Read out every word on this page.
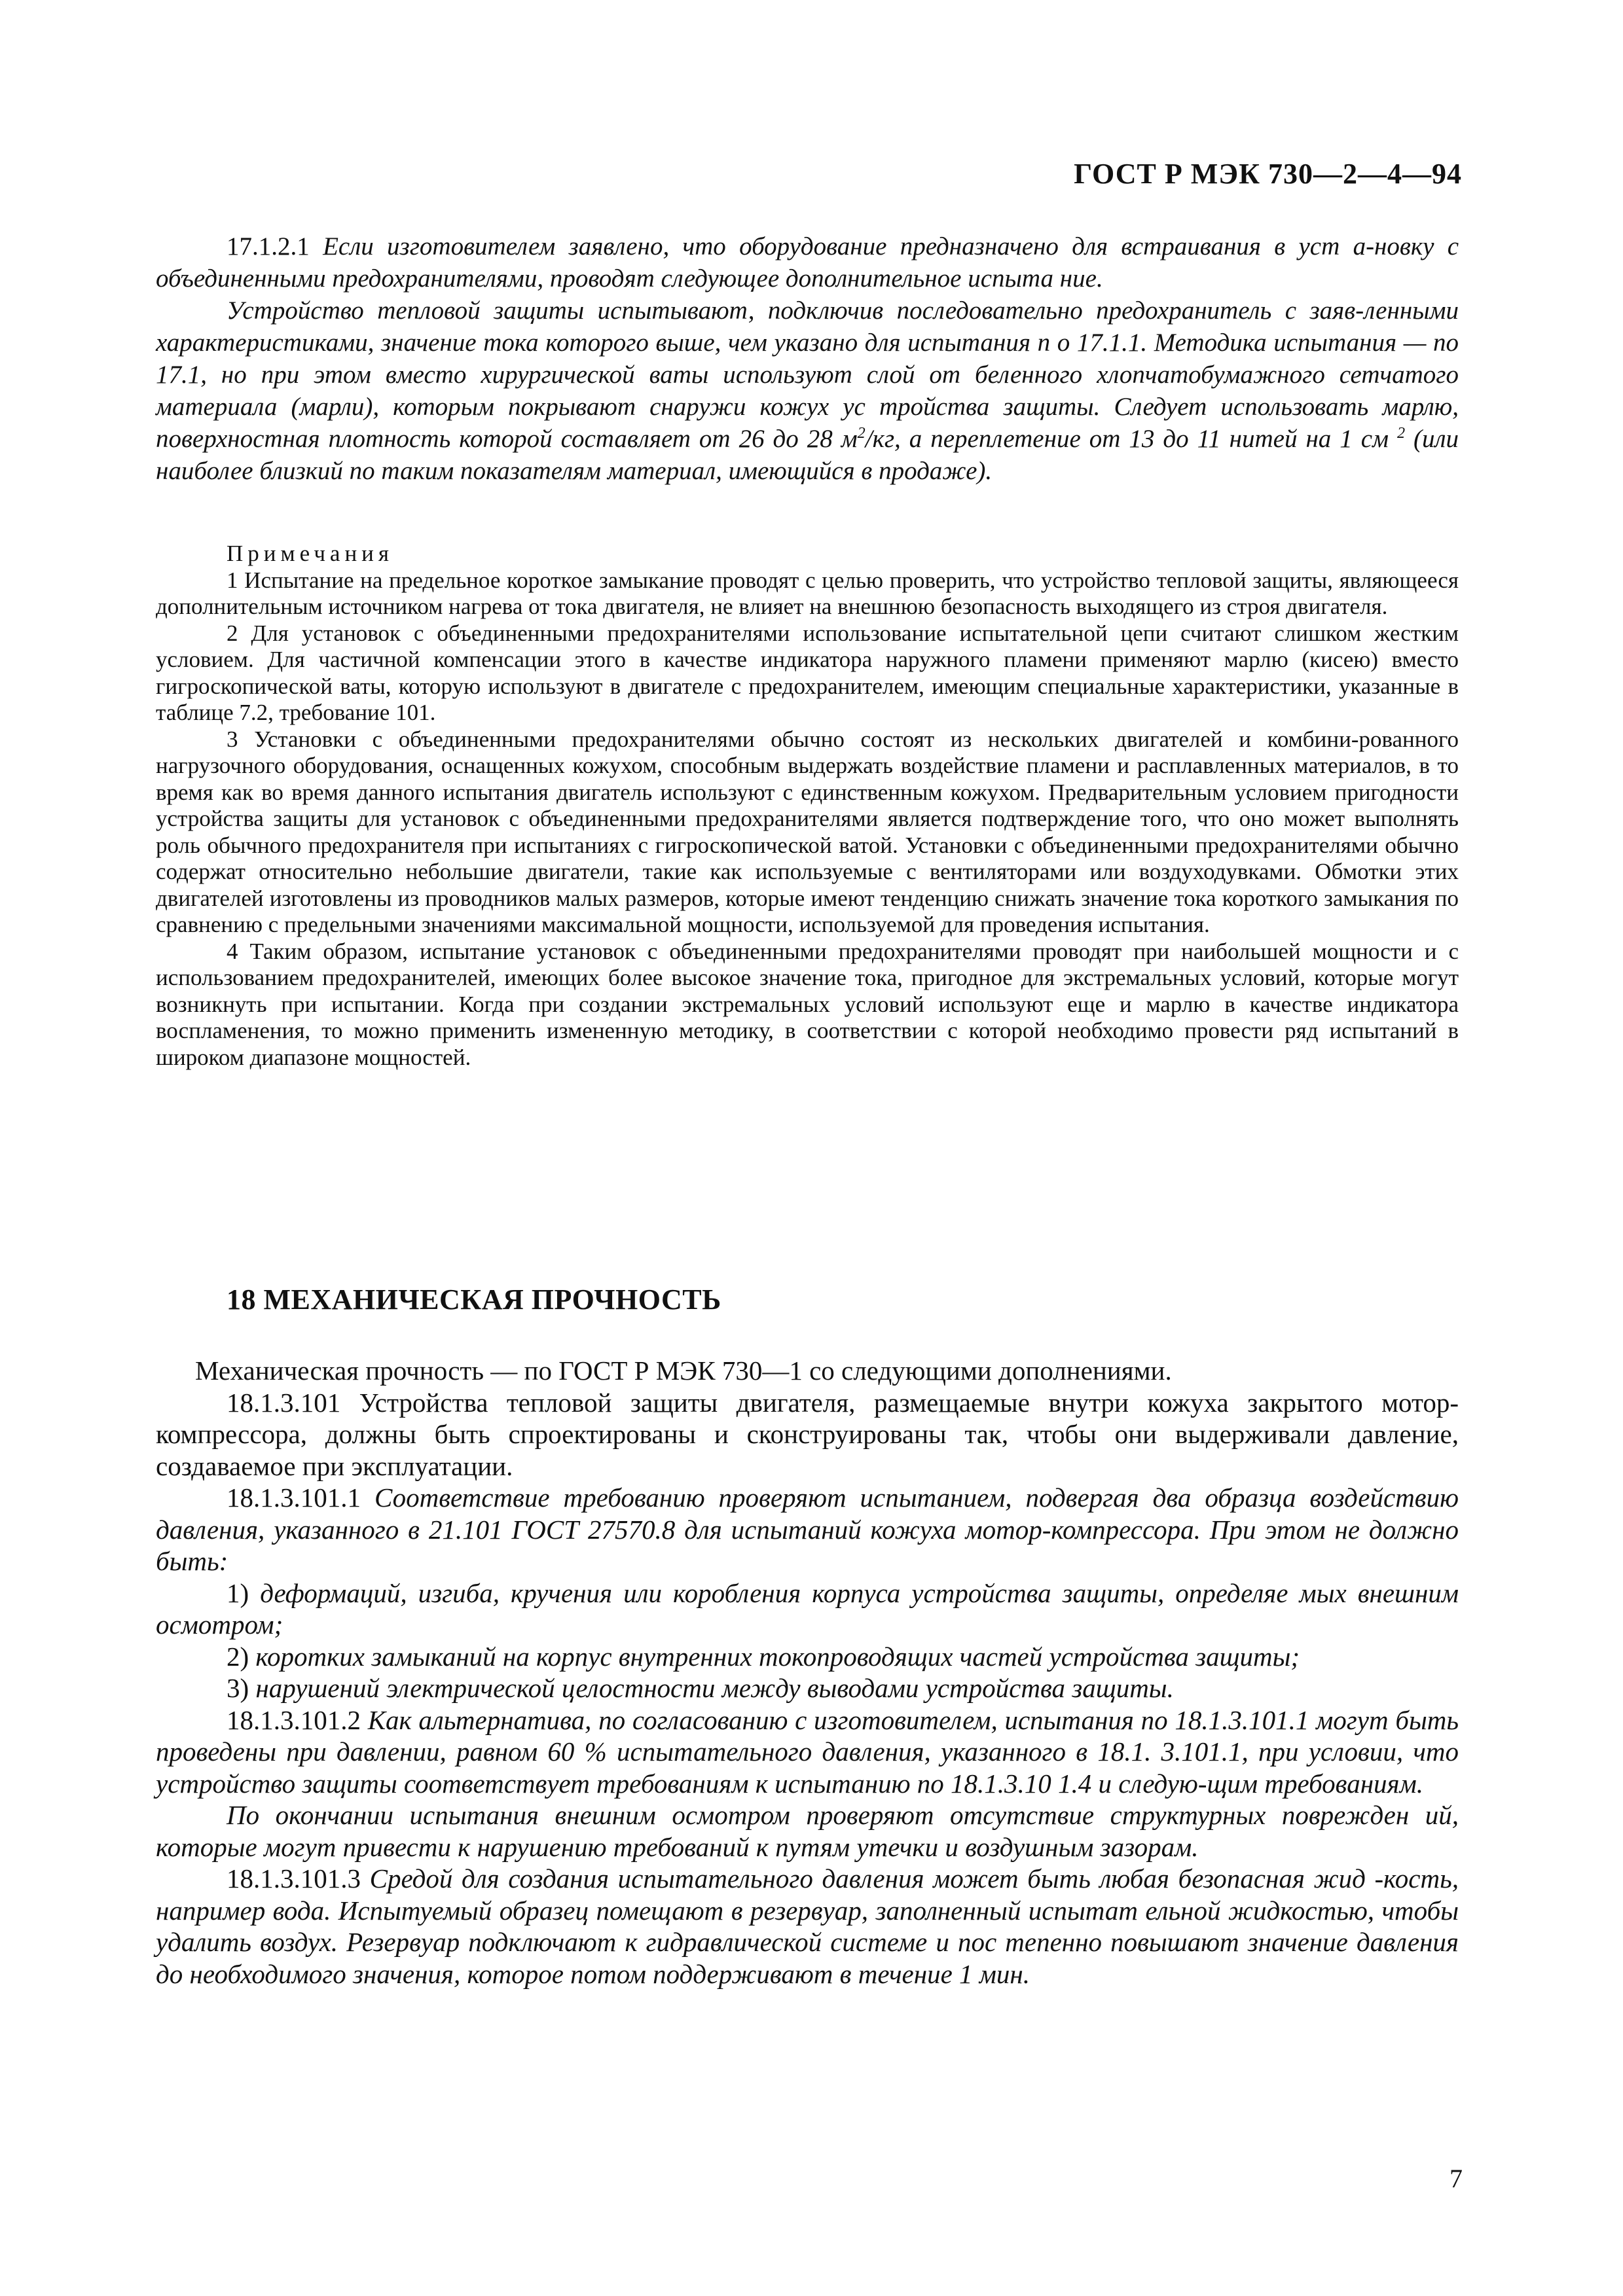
ГОСТ Р МЭК 730—2—4—94

17.1.2.1 Если изготовителем заявлено, что оборудование предназначено для встраивания в уст а-новку с объединенными предохранителями, проводят следующее дополнительное испыта ние.

Устройство тепловой защиты испытывают, подключив последовательно предохранитель с заяв-ленными характеристиками, значение тока которого выше, чем указано для испытания п о 17.1.1. Методика испытания — по 17.1, но при этом вместо хирургической ваты используют слой от беленного хлопчатобумажного сетчатого материала (марли), которым покрывают снаружи кожух ус тройства защиты. Следует использовать марлю, поверхностная плотность которой составляет от 26 до 28 $м^2/кг$, а переплетение от 13 до 11 нитей на 1 см $^2$ (или наиболее близкий по таким показателям материал, имеющийся в продаже).

Примечания

1 Испытание на предельное короткое замыкание проводят с целью проверить, что устройство тепловой защиты, являющееся дополнительным источником нагрева от тока двигателя, не влияет на внешнюю безопасность выходящего из строя двигателя.

2 Для установок с объединенными предохранителями использование испытательной цепи считают слишком жестким условием. Для частичной компенсации этого в качестве индикатора наружного пламени применяют марлю (кисею) вместо гигроскопической ваты, которую используют в двигателе с предохранителем, имеющим специальные характеристики, указанные в таблице 7.2, требование 101.

3 Установки с объединенными предохранителями обычно состоят из нескольких двигателей и комбини-рованного нагрузочного оборудования, оснащенных кожухом, способным выдержать воздействие пламени и расплавленных материалов, в то время как во время данного испытания двигатель используют с единственным кожухом. Предварительным условием пригодности устройства защиты для установок с объединенными предохранителями является подтверждение того, что оно может выполнять роль обычного предохранителя при испытаниях с гигроскопической ватой. Установки с объединенными предохранителями обычно содержат относительно небольшие двигатели, такие как используемые с вентиляторами или воздуходувками. Обмотки этих двигателей изготовлены из проводников малых размеров, которые имеют тенденцию снижать значение тока короткого замыкания по сравнению с предельными значениями максимальной мощности, используемой для проведения испытания.

4 Таким образом, испытание установок с объединенными предохранителями проводят при наибольшей мощности и с использованием предохранителей, имеющих более высокое значение тока, пригодное для экстремальных условий, которые могут возникнуть при испытании. Когда при создании экстремальных условий используют еще и марлю в качестве индикатора воспламенения, то можно применить измененную методику, в соответствии с которой необходимо провести ряд испытаний в широком диапазоне мощностей.

18 МЕХАНИЧЕСКАЯ ПРОЧНОСТЬ

Механическая прочность — по ГОСТ Р МЭК 730—1 со следующими дополнениями.

18.1.3.101 Устройства тепловой защиты двигателя, размещаемые внутри кожуха закрытого мотор-компрессора, должны быть спроектированы и сконструированы так, чтобы они выдерживали давление, создаваемое при эксплуатации.

18.1.3.101.1 Соответствие требованию проверяют испытанием, подвергая два образца воздействию давления, указанного в 21.101 ГОСТ 27570.8 для испытаний кожуха мотор-компрессора. При этом не должно быть:

1) деформаций, изгиба, кручения или коробления корпуса устройства защиты, определяе мых внешним осмотром;

2) коротких замыканий на корпус внутренних токопроводящих частей устройства защиты;

3) нарушений электрической целостности между выводами устройства защиты.

18.1.3.101.2 Как альтернатива, по согласованию с изготовителем, испытания по 18.1.3.101.1 могут быть проведены при давлении, равном 60 % испытательного давления, указанного в 18.1. 3.101.1, при условии, что устройство защиты соответствует требованиям к испытанию по 18.1.3.10 1.4 и следую-щим требованиям.

По окончании испытания внешним осмотром проверяют отсутствие структурных поврежден ий, которые могут привести к нарушению требований к путям утечки и воздушным зазорам.

18.1.3.101.3 Средой для создания испытательного давления может быть любая безопасная жид -кость, например вода. Испытуемый образец помещают в резервуар, заполненный испытат ельной жидкостью, чтобы удалить воздух. Резервуар подключают к гидравлической системе и пос тепенно повышают значение давления до необходимого значения, которое потом поддерживают в течение 1 мин.

7
